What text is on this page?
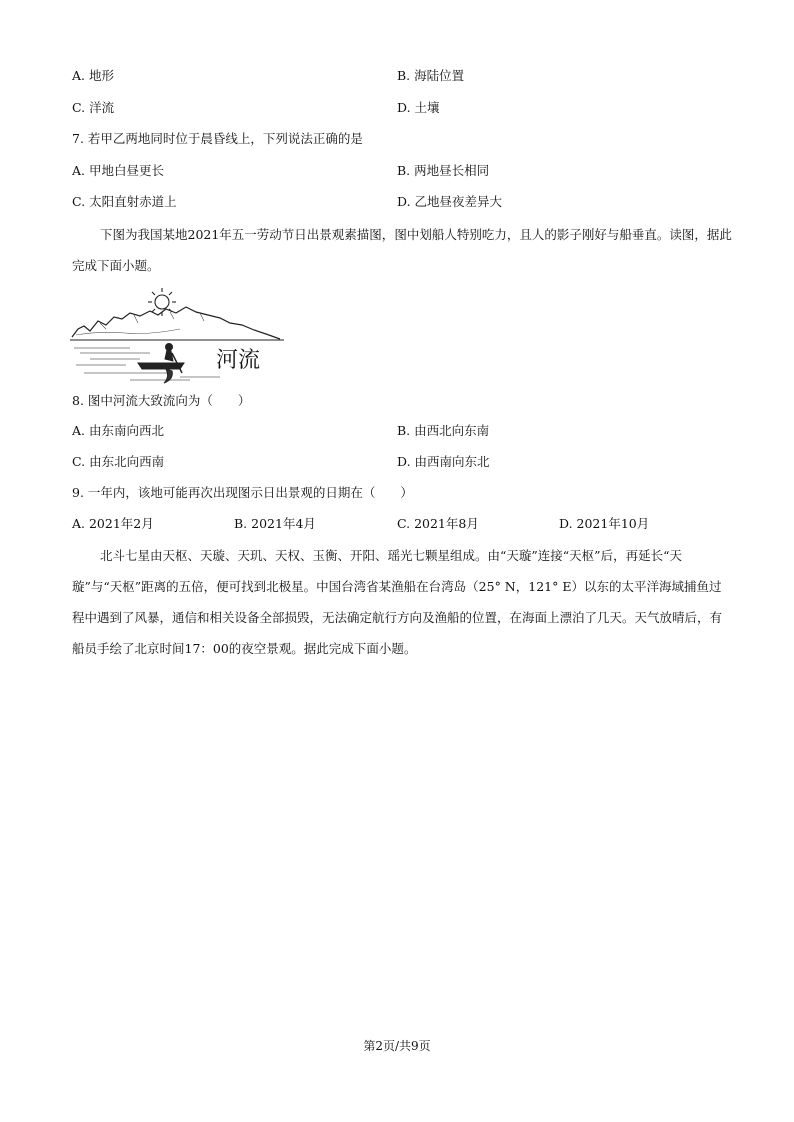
A. 地形	B. 海陆位置
C. 洋流	D. 土壤
7. 若甲乙两地同时位于晨昏线上，下列说法正确的是
A. 甲地白昼更长	B. 两地昼长相同
C. 太阳直射赤道上	D. 乙地昼夜差异大
下图为我国某地2021年五一劳动节日出景观素描图，图中划船人特别吃力，且人的影子刚好与船垂直。读图，据此完成下面小题。
河流
8. 图中河流大致流向为（　　）
A. 由东南向西北	B. 由西北向东南
C. 由东北向西南	D. 由西南向东北
9. 一年内，该地可能再次出现图示日出景观的日期在（　　）
A. 2021年2月	B. 2021年4月	C. 2021年8月	D. 2021年10月
北斗七星由天枢、天璇、天玑、天权、玉衡、开阳、瑶光七颗星组成。由“天璇”连接“天枢”后，再延长“天璇”与“天枢”距离的五倍，便可找到北极星。中国台湾省某渔船在台湾岛（25° N，121° E）以东的太平洋海域捕鱼过程中遇到了风暴，通信和相关设备全部损毁，无法确定航行方向及渔船的位置，在海面上漂泊了几天。天气放晴后，有船员手绘了北京时间17：00的夜空景观。据此完成下面小题。
第2页/共9页
